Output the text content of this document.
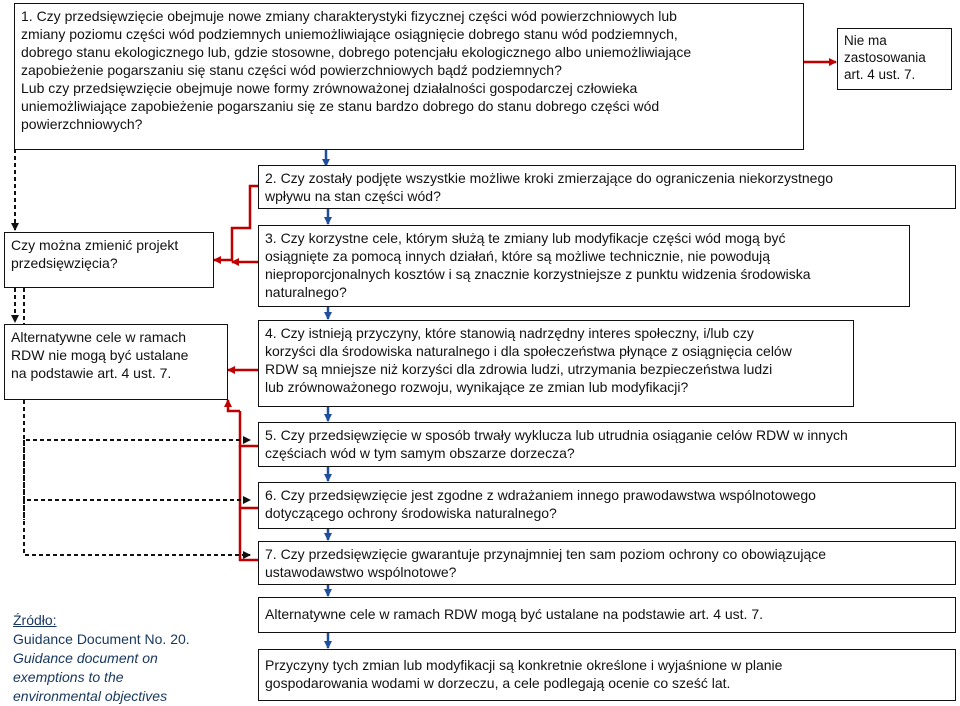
1. Czy przedsięwzięcie obejmuje nowe zmiany charakterystyki fizycznej części wód powierzchniowych lub
zmiany poziomu części wód podziemnych uniemożliwiające osiągnięcie dobrego stanu wód podziemnych,
dobrego stanu ekologicznego lub, gdzie stosowne, dobrego potencjału ekologicznego albo uniemożliwiające
zapobieżenie pogarszaniu się stanu części wód powierzchniowych bądź podziemnych?
Lub czy przedsięwzięcie obejmuje nowe formy zrównoważonej działalności gospodarczej człowieka
uniemożliwiające zapobieżenie pogarszaniu się ze stanu bardzo dobrego do stanu dobrego części wód
powierzchniowych?
Nie ma
zastosowania
art. 4 ust. 7.
2. Czy zostały podjęte wszystkie możliwe kroki zmierzające do ograniczenia niekorzystnego
wpływu na stan części wód?
Czy można zmienić projekt
przedsięwzięcia?
3. Czy korzystne cele, którym służą te zmiany lub modyfikacje części wód mogą być
osiągnięte za pomocą innych działań, które są możliwe technicznie, nie powodują
nieproporcjonalnych kosztów i są znacznie korzystniejsze z punktu widzenia środowiska
naturalnego?
Alternatywne cele w ramach
RDW nie mogą być ustalane
na podstawie art. 4 ust. 7.
4. Czy istnieją przyczyny, które stanowią nadrzędny interes społeczny, i/lub czy
korzyści dla środowiska naturalnego i dla społeczeństwa płynące z osiągnięcia celów
RDW są mniejsze niż korzyści dla zdrowia ludzi, utrzymania bezpieczeństwa ludzi
lub zrównoważonego rozwoju, wynikające ze zmian lub modyfikacji?
5. Czy przedsięwzięcie w sposób trwały wyklucza lub utrudnia osiąganie celów RDW w innych
częściach wód w tym samym obszarze dorzecza?
6. Czy przedsięwzięcie jest zgodne z wdrażaniem innego prawodawstwa wspólnotowego
dotyczącego ochrony środowiska naturalnego?
7. Czy przedsięwzięcie gwarantuje przynajmniej ten sam poziom ochrony co obowiązujące
ustawodawstwo wspólnotowe?
Alternatywne cele w ramach RDW mogą być ustalane na podstawie art. 4 ust. 7.
Przyczyny tych zmian lub modyfikacji są konkretnie określone i wyjaśnione w planie
gospodarowania wodami w dorzeczu, a cele podlegają ocenie co sześć lat.
Źródło:
Guidance Document No. 20.
Guidance document on
exemptions to the
environmental objectives
